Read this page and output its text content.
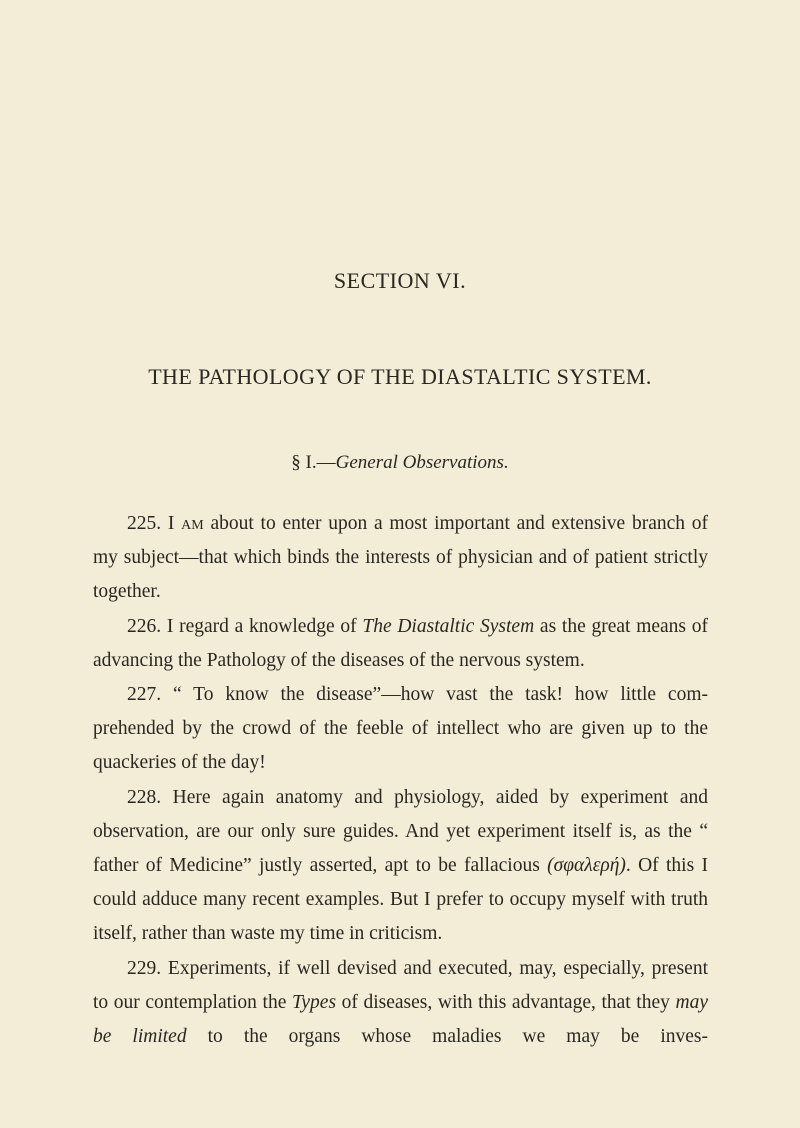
SECTION VI.
THE PATHOLOGY OF THE DIASTALTIC SYSTEM.
§ I.—General Observations.

225. I am about to enter upon a most important and extensive branch of my subject—that which binds the interests of physician and of patient strictly together.

226. I regard a knowledge of The Diastaltic System as the great means of advancing the Pathology of the diseases of the nervous system.

227. “ To know the disease”—how vast the task! how little com-prehended by the crowd of the feeble of intellect who are given up to the quackeries of the day!

228. Here again anatomy and physiology, aided by experiment and observation, are our only sure guides. And yet experiment itself is, as the “ father of Medicine” justly asserted, apt to be fallacious (σφαλερή). Of this I could adduce many recent examples. But I prefer to occupy myself with truth itself, rather than waste my time in criticism.

229. Experiments, if well devised and executed, may, especially, present to our contemplation the Types of diseases, with this advantage, that they may be limited to the organs whose maladies we may be inves-
